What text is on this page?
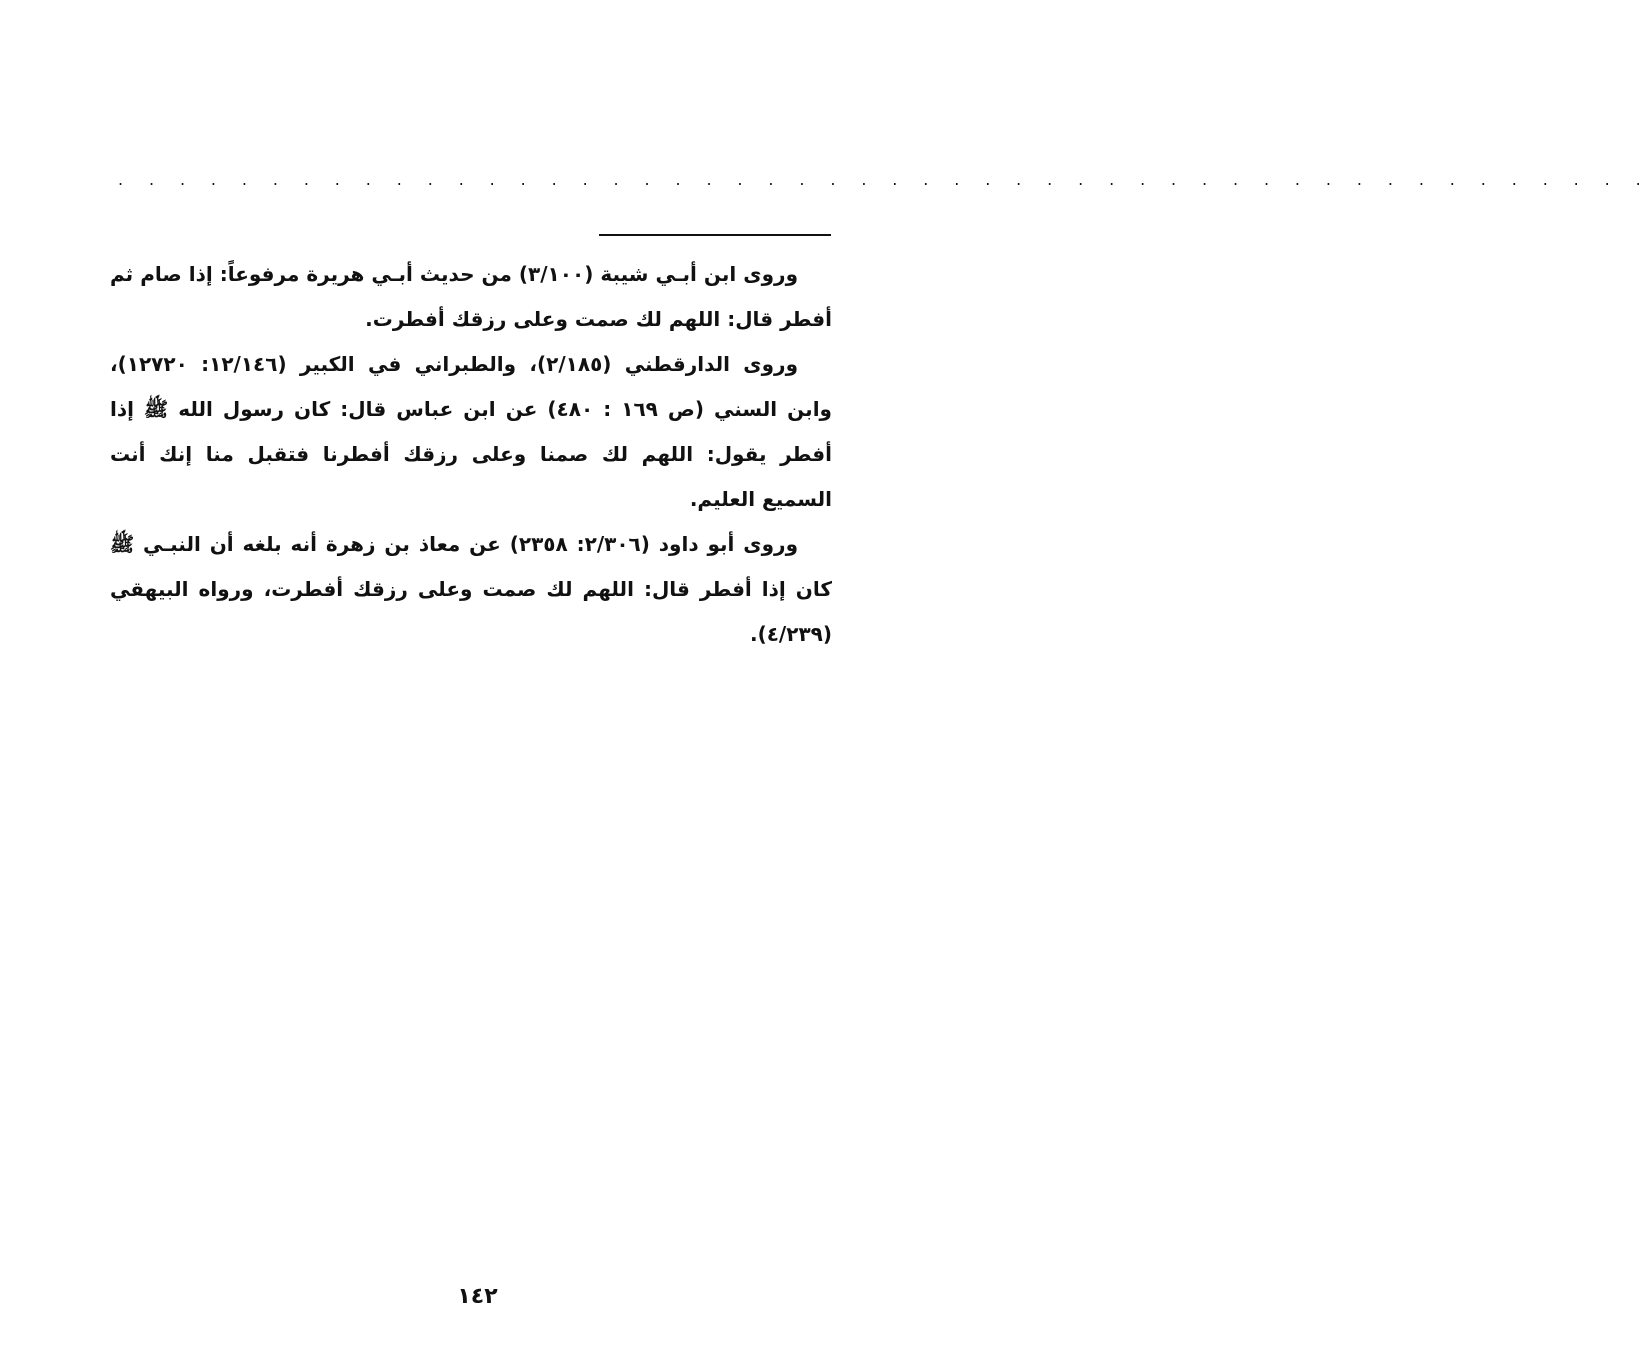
. . . . . . . . . . . . . . . . . . . . . . . . . . . . . . . . . . . . . . . . . . . . . . . . . .

وروى ابن أبـي شيبة (٣/١٠٠) من حديث أبـي هريرة مرفوعاً: إذا صام ثم أفطر قال: اللهم لك صمت وعلى رزقك أفطرت.

وروى الدارقطني (٢/١٨٥)، والطبراني في الكبير (١٢/١٤٦: ١٢٧٢٠)، وابن السني (ص ١٦٩ : ٤٨٠) عن ابن عباس قال: كان رسول الله ﷺ إذا أفطر يقول: اللهم لك صمنا وعلى رزقك أفطرنا فتقبل منا إنك أنت السميع العليم.

وروى أبو داود (٢/٣٠٦: ٢٣٥٨) عن معاذ بن زهرة أنه بلغه أن النبـي ﷺ كان إذا أفطر قال: اللهم لك صمت وعلى رزقك أفطرت، ورواه البيهقي (٤/٢٣٩).

١٤٢
